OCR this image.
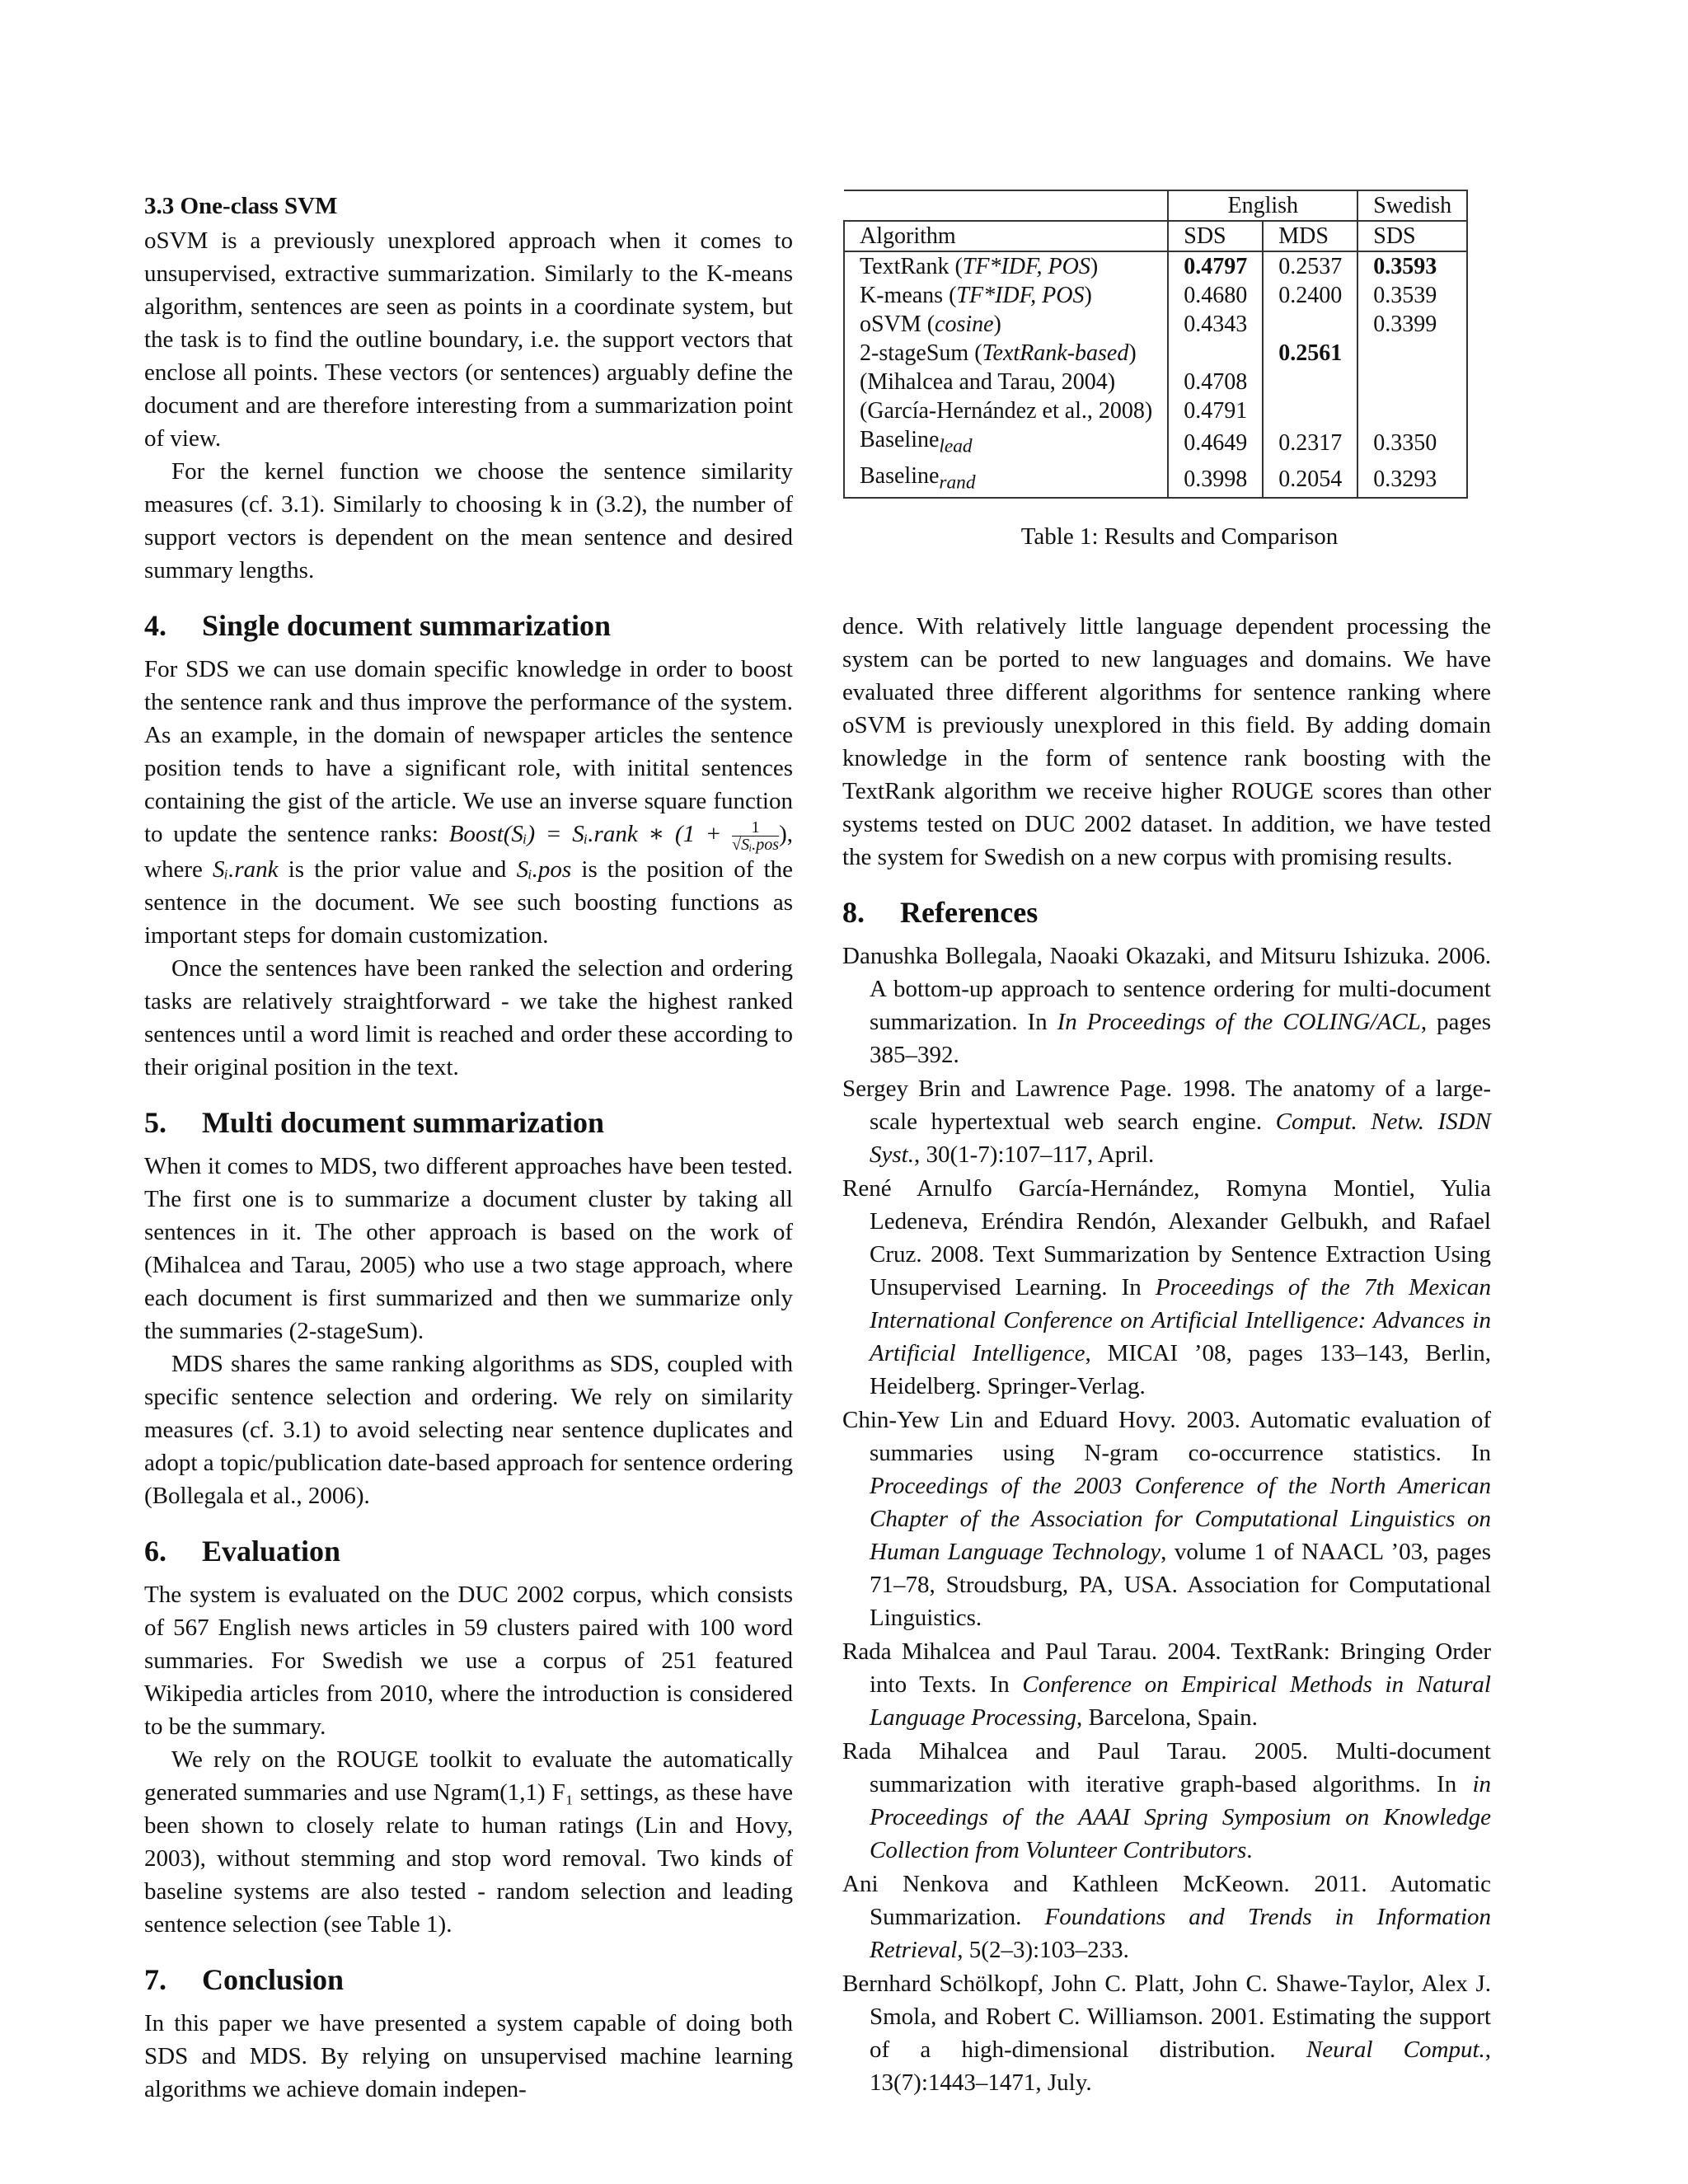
3.3 One-class SVM

oSVM is a previously unexplored approach when it comes to unsupervised, extractive summarization. Similarly to the K-means algorithm, sentences are seen as points in a coordinate system, but the task is to find the outline boundary, i.e. the support vectors that enclose all points. These vectors (or sentences) arguably define the document and are therefore interesting from a summarization point of view.

For the kernel function we choose the sentence similarity measures (cf. 3.1). Similarly to choosing k in (3.2), the number of support vectors is dependent on the mean sentence and desired summary lengths.

4. Single document summarization

For SDS we can use domain specific knowledge in order to boost the sentence rank and thus improve the performance of the system. As an example, in the domain of newspaper articles the sentence position tends to have a significant role, with initital sentences containing the gist of the article. We use an inverse square function to update the sentence ranks: Boost(Sᵢ) = Sᵢ.rank ∗ ($1 + \frac{1}{\text{√Sᵢ.pos}}$ ), where Sᵢ.rank is the prior value and Sᵢ.pos is the position of the sentence in the document. We see such boosting functions as important steps for domain customization.

Once the sentences have been ranked the selection and ordering tasks are relatively straightforward - we take the highest ranked sentences until a word limit is reached and order these according to their original position in the text.

5. Multi document summarization

When it comes to MDS, two different approaches have been tested. The first one is to summarize a document cluster by taking all sentences in it. The other approach is based on the work of (Mihalcea and Tarau, 2005) who use a two stage approach, where each document is first summarized and then we summarize only the summaries (2-stageSum).

MDS shares the same ranking algorithms as SDS, coupled with specific sentence selection and ordering. We rely on similarity measures (cf. 3.1) to avoid selecting near sentence duplicates and adopt a topic/publication date-based approach for sentence ordering (Bollegala et al., 2006).

6. Evaluation

The system is evaluated on the DUC 2002 corpus, which consists of 567 English news articles in 59 clusters paired with 100 word summaries. For Swedish we use a corpus of 251 featured Wikipedia articles from 2010, where the introduction is considered to be the summary.

We rely on the ROUGE toolkit to evaluate the automatically generated summaries and use Ngram(1,1) F₁ settings, as these have been shown to closely relate to human ratings (Lin and Hovy, 2003), without stemming and stop word removal. Two kinds of baseline systems are also tested - random selection and leading sentence selection (see Table 1).

7. Conclusion

In this paper we have presented a system capable of doing both SDS and MDS. By relying on unsupervised machine learning algorithms we achieve domain indepen-

	English		Swedish
Algorithm	SDS	MDS	SDS
TextRank (TF*IDF, POS)	0.4797	0.2537	0.3593
K-means (TF*IDF, POS)	0.4680	0.2400	0.3539
oSVM (cosine)	0.4343		0.3399
2-stageSum (TextRank-based)		0.2561	
(Mihalcea and Tarau, 2004)	0.4708		
(García-Hernández et al., 2008)	0.4791		
Baseline$_{lead}$	0.4649	0.2317	0.3350
Baseline$_{rand}$	0.3998	0.2054	0.3293
Table 1: Results and Comparison

dence. With relatively little language dependent processing the system can be ported to new languages and domains. We have evaluated three different algorithms for sentence ranking where oSVM is previously unexplored in this field. By adding domain knowledge in the form of sentence rank boosting with the TextRank algorithm we receive higher ROUGE scores than other systems tested on DUC 2002 dataset. In addition, we have tested the system for Swedish on a new corpus with promising results.

8. References

Danushka Bollegala, Naoaki Okazaki, and Mitsuru Ishizuka. 2006. A bottom-up approach to sentence ordering for multi-document summarization. In In Proceedings of the COLING/ACL, pages 385–392.

Sergey Brin and Lawrence Page. 1998. The anatomy of a large-scale hypertextual web search engine. Comput. Netw. ISDN Syst., 30(1-7):107–117, April.

René Arnulfo García-Hernández, Romyna Montiel, Yulia Ledeneva, Eréndira Rendón, Alexander Gelbukh, and Rafael Cruz. 2008. Text Summarization by Sentence Extraction Using Unsupervised Learning. In Proceedings of the 7th Mexican International Conference on Artificial Intelligence: Advances in Artificial Intelligence, MICAI ’08, pages 133–143, Berlin, Heidelberg. Springer-Verlag.

Chin-Yew Lin and Eduard Hovy. 2003. Automatic evaluation of summaries using N-gram co-occurrence statistics. In Proceedings of the 2003 Conference of the North American Chapter of the Association for Computational Linguistics on Human Language Technology, volume 1 of NAACL ’03, pages 71–78, Stroudsburg, PA, USA. Association for Computational Linguistics.

Rada Mihalcea and Paul Tarau. 2004. TextRank: Bringing Order into Texts. In Conference on Empirical Methods in Natural Language Processing, Barcelona, Spain.

Rada Mihalcea and Paul Tarau. 2005. Multi-document summarization with iterative graph-based algorithms. In in Proceedings of the AAAI Spring Symposium on Knowledge Collection from Volunteer Contributors.

Ani Nenkova and Kathleen McKeown. 2011. Automatic Summarization. Foundations and Trends in Information Retrieval, 5(2–3):103–233.

Bernhard Schölkopf, John C. Platt, John C. Shawe-Taylor, Alex J. Smola, and Robert C. Williamson. 2001. Estimating the support of a high-dimensional distribution. Neural Comput., 13(7):1443–1471, July.
